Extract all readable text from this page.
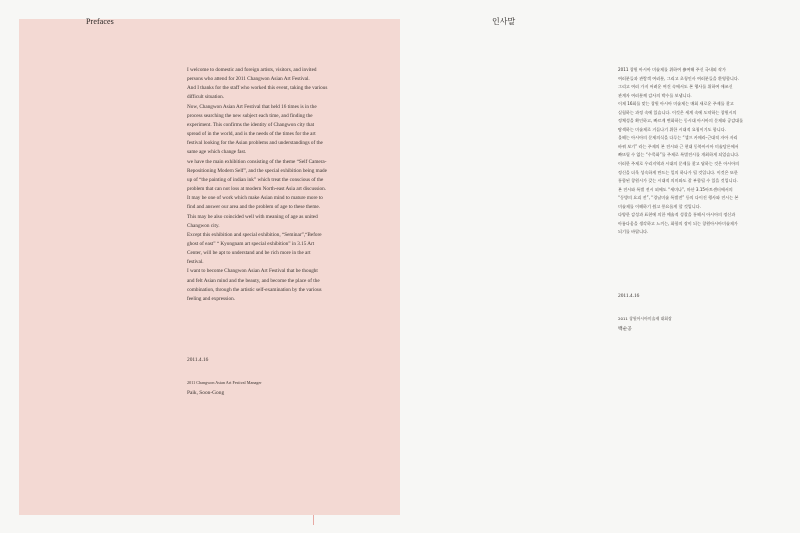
Prefaces	인사말

I welcome to domestic and foreign artists, visitors, and invited

persons who attend for 2011 Changwon Asian Art Festival.

And I thanks for the staff who worked this event, taking the various

difficult situation.

Now, Changwon Asian Art Festival that held 16 times is in the

process searching the new subject each time, and finding the

experiment. This confirms the identity of Changwon city that

spread of in the world, and is the needs of the times for the art

festival looking for the Asian problems and understandings of the

same age which change fast.

we have the main exhibition consisting of the theme “Self Camera-

Repositioning Modern Self”, and the special exhibition being made

up of “the painting of indian ink” which treat the conscious of the

problem that can not loss at modern North-east Asia art discussion.

It may be one of work which make Asian mind to mature more to

find and answer our area and the problem of age to these theme.

This may be also coincided well with meaning of age as united

Changwon city.

Except this exhibition and special exhibition, “Seminar”,“Before

ghost of east” “ Kyongnam art special exhibition” in 3.15 Art

Center, will be apt to understand and be rich more in the art

festival.

I want to become Changwon Asian Art Festival that be thought

and felt Asian mind and the beauty, and become the place of the

combination, through the artistic self-examination by the various

feeling and expression.

2011.4.16
2011 Changwon Asian Art Festival Manager
Paik, Soon-Gong

2011 창원 아시아 미술제를 위하여 参여해 주신 국내외 작가

여러분들과 관람객 여러분, 그리고 초청인사 여러분들을 환영합니다.

그리고 여러 가지 어려운 여건 속에서도 본 행사를 위하여 애쓰신

관계자 여러분께 감사의 박수를 보냅니다.

이제 16회를 맞는 창원 아시아 미술제는 매회 새로운 주제를 찾고

실험하는 과정 속에 있습니다. 이것은 세계 속에 도약하는 창원시의

정체성을 확인하고, 빠르게 변화하는 동시대 아시아의 문제와 공감대를

탐색하는 미술제로 거듭나기 위한 시대적 요청이기도 합니다.

올해는 아시아의 문제의식을 다루는 “셀프 카메라-근대적 자아 자리

바꿔 보기” 라는 주제의 본 전시와 근 현대 동북아시아 미술담론에서

빠뜨릴 수 없는 “수묵화”를 주제로 특별전시를 개최하게 되었습니다.

이러한 주제로 우리지역과 시대의 문제를 찾고 답하는 것은 아시아의

정신을 더욱 성숙하게 만드는 일의 하나가 될 것입니다. 이것은 또한

통합된 창원시가 갖는 시대적 의미와도 잘 부합될 수 있을 것입니다.

본 전시와 특별 전시 외에도 “세미나”, 마산 3.15아트센터에서의

“동방의 요괴 전”, “경남미술 특별전” 등의 다이진 행사와 전시는 본

미술제를 이해하기 쉽고 풍요롭게 할 것입니다.

다양한 감성과 표현에 의한 예술적 성찰을 통해서 아시아의 정신과

아름다움을 생각하고 느끼는, 화합의 장이 되는 창원아시아미술제가

되기를 바랍니다.

2011.4.16
2011 창원아시아미술제 대회장
백순공
